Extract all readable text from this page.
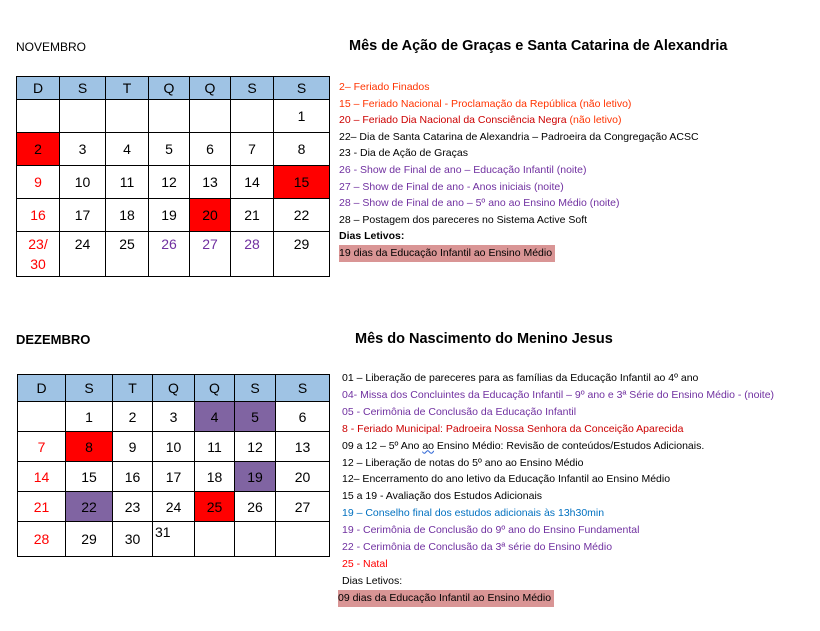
NOVEMBRO	Mês de Ação de Graças e Santa Catarina de Alexandria
D	S	T	Q	Q	S	S
						1
2	3	4	5	6	7	8
9	10	11	12	13	14	15
16	17	18	19	20	21	22
23/
30	24	25	26	27	28	29
2– Feriado Finados
15 – Feriado Nacional - Proclamação da República (não letivo)
20 – Feriado Dia Nacional da Consciência Negra (não letivo)
22– Dia de Santa Catarina de Alexandria – Padroeira da Congregação ACSC
23 - Dia de Ação de Graças
26 - Show de Final de ano – Educação Infantil (noite)
27 – Show de Final de ano - Anos iniciais (noite)
28 – Show de Final de ano – 5º ano ao Ensino Médio (noite)
28 – Postagem dos pareceres no Sistema Active Soft
Dias Letivos:
19 dias da Educação Infantil ao Ensino Médio
DEZEMBRO	Mês do Nascimento do Menino Jesus
D	S	T	Q	Q	S	S
	1	2	3	4	5	6
7	8	9	10	11	12	13
14	15	16	17	18	19	20
21	22	23	24	25	26	27
28	29	30	31			
01 – Liberação de pareceres para as famílias da Educação Infantil ao 4º ano
04- Missa dos Concluintes da Educação Infantil – 9º ano e 3ª Série do Ensino Médio - (noite)
05 - Cerimônia de Conclusão da Educação Infantil
8 - Feriado Municipal: Padroeira Nossa Senhora da Conceição Aparecida
09 a 12 – 5º Ano ao Ensino Médio: Revisão de conteúdos/Estudos Adicionais.
12 – Liberação de notas do 5º ano ao Ensino Médio
12– Encerramento do ano letivo da Educação Infantil ao Ensino Médio
15 a 19 - Avaliação dos Estudos Adicionais
19 – Conselho final dos estudos adicionais às 13h30min
19 - Cerimônia de Conclusão do 9º ano do Ensino Fundamental
22 - Cerimônia de Conclusão da 3ª série do Ensino Médio
25 - Natal
Dias Letivos:
09 dias da Educação Infantil ao Ensino Médio
